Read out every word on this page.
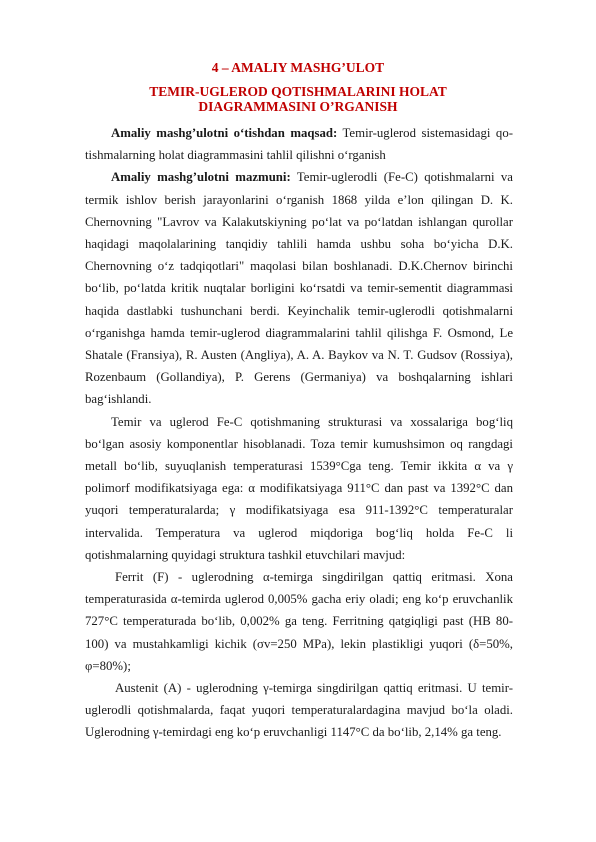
4 – AMALIY MASHG’ULOT
TEMIR-UGLEROD QOTISHMALARINI HOLAT
DIAGRAMMASINI O’RGANISH

Amaliy mashg’ulotni o‘tishdan maqsad: Temir-uglerod sistemasidagi qo-tishmalarning holat diagrammasini tahlil qilishni o‘rganish

Amaliy mashg’ulotni mazmuni: Temir-uglerodli (Fe-C) qotishmalarni va termik ishlov berish jarayonlarini o‘rganish 1868 yilda e’lon qilingan D. K. Chernovning "Lavrov va Kalakutskiyning po‘lat va po‘latdan ishlangan qurollar haqidagi maqolalarining tanqidiy tahlili hamda ushbu soha bo‘yicha D.K. Chernovning o‘z tadqiqotlari" maqolasi bilan boshlanadi. D.K.Chernov birinchi bo‘lib, po‘latda kritik nuqtalar borligini ko‘rsatdi va temir-sementit diagrammasi haqida dastlabki tushunchani berdi. Keyinchalik temir-uglerodli qotishmalarni o‘rganishga hamda temir-uglerod diagrammalarini tahlil qilishga F. Osmond, Le Shatale (Fransiya), R. Austen (Angliya), A. A. Baykov va N. T. Gudsov (Rossiya), Rozenbaum (Gollandiya), P. Gerens (Germaniya) va boshqalarning ishlari bag‘ishlandi.

Temir va uglerod Fe-C qotishmaning strukturasi va xossalariga bog‘liq bo‘lgan asosiy komponentlar hisoblanadi. Toza temir kumushsimon oq rangdagi metall bo‘lib, suyuqlanish temperaturasi 1539°Cga teng. Temir ikkita α va γ polimorf modifikatsiyaga ega: α modifikatsiyaga 911°C dan past va 1392°C dan yuqori temperaturalarda; γ modifikatsiyaga esa 911-1392°C temperaturalar intervalida. Temperatura va uglerod miqdoriga bog‘liq holda Fe-C li qotishmalarning quyidagi struktura tashkil etuvchilari mavjud:

Ferrit (F) - uglerodning α-temirga singdirilgan qattiq eritmasi. Xona temperaturasida α-temirda uglerod 0,005% gacha eriy oladi; eng ko‘p eruvchanlik 727°C temperaturada bo‘lib, 0,002% ga teng. Ferritning qatgiqligi past (HB 80-100) va mustahkamligi kichik (σv=250 MPa), lekin plastikligi yuqori (δ=50%, φ=80%);

Austenit (A) - uglerodning γ-temirga singdirilgan qattiq eritmasi. U temir-uglerodli qotishmalarda, faqat yuqori temperaturalardagina mavjud bo‘la oladi. Uglerodning γ-temirdagi eng ko‘p eruvchanligi 1147°C da bo‘lib, 2,14% ga teng.
